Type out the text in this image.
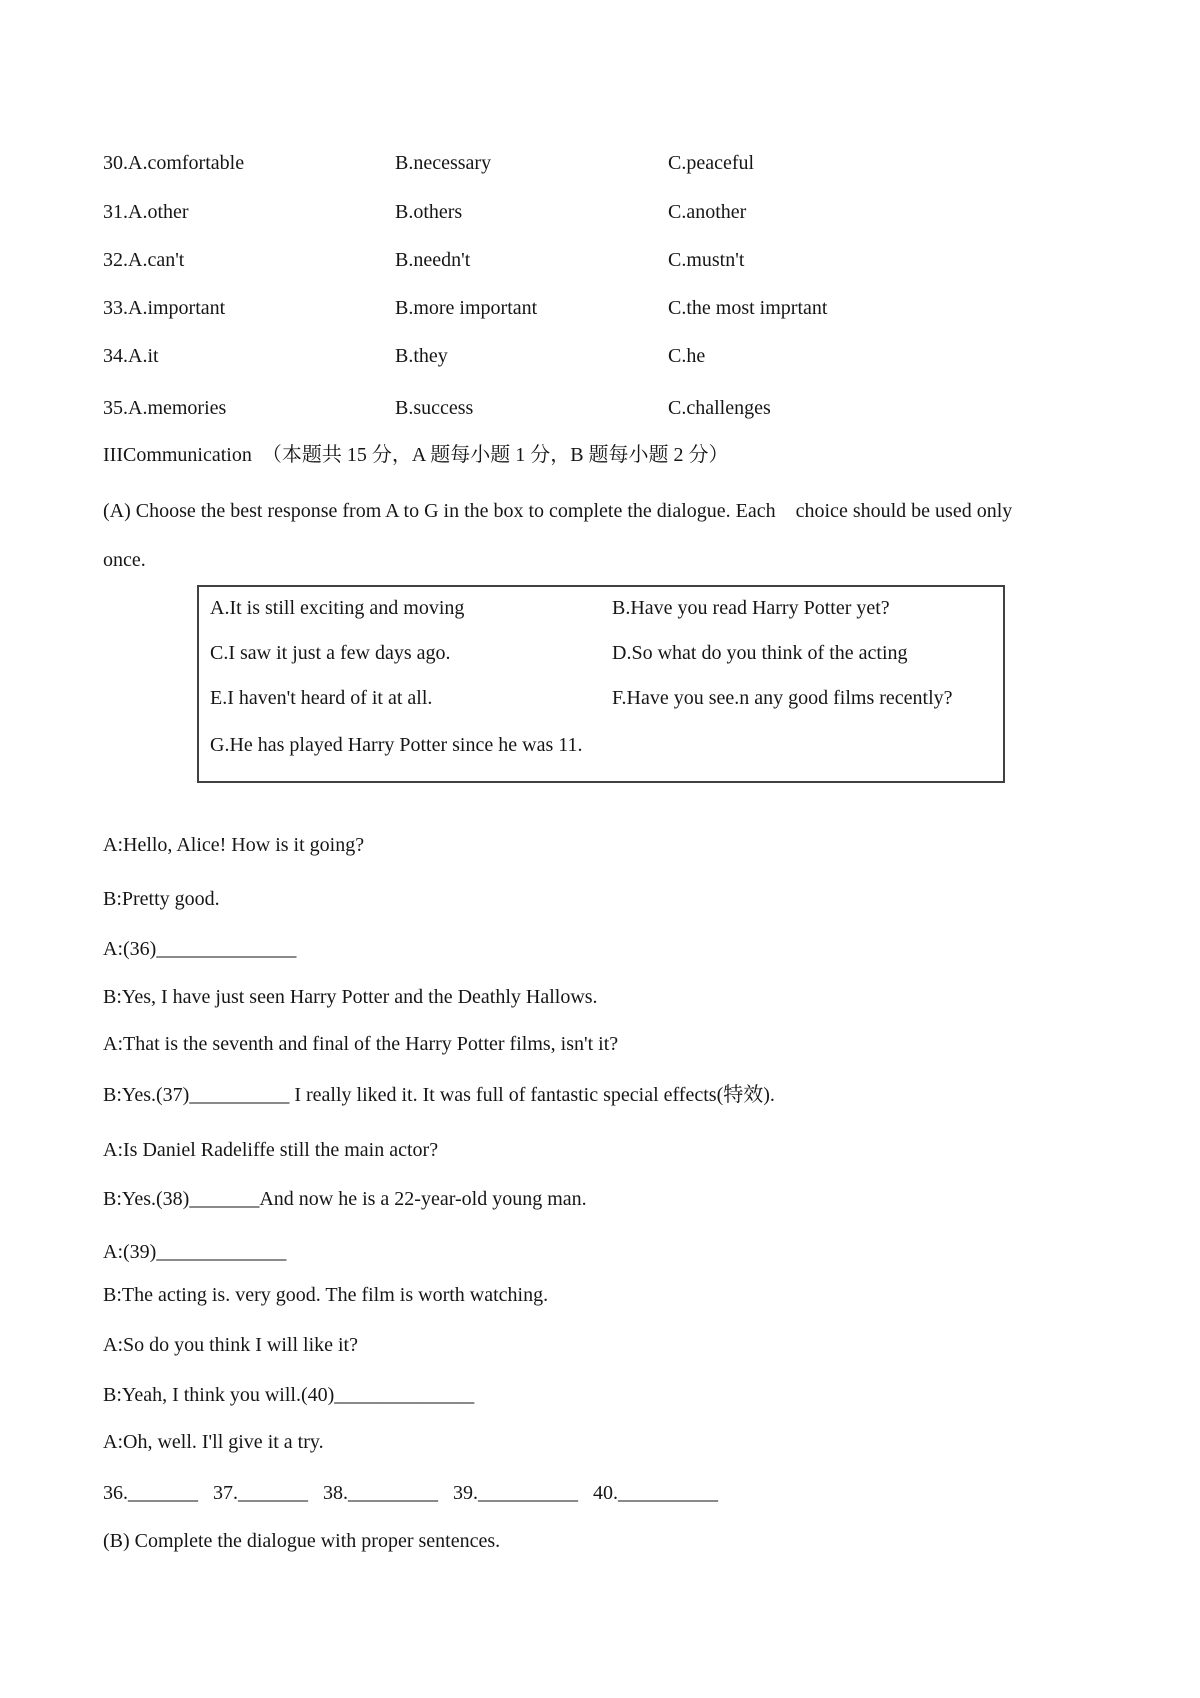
30.A.comfortable	B.necessary	C.peaceful
31.A.other	B.others	C.another
32.A.can't	B.needn't	C.mustn't
33.A.important	B.more important	C.the most imprtant
34.A.it	B.they	C.he
35.A.memories	B.success	C.challenges
IIICommunication  （本题共 15 分，A 题每小题 1 分，B 题每小题 2 分）
(A) Choose the best response from A to G in the box to complete the dialogue. Each    choice should be used only
once.
A.It is still exciting and moving	B.Have you read Harry Potter yet?
C.I saw it just a few days ago.	D.So what do you think of the acting
E.I haven't heard of it at all.	F.Have you see.n any good films recently?
G.He has played Harry Potter since he was 11.
A:Hello, Alice! How is it going?
B:Pretty good.
A:(36)______________
B:Yes, I have just seen Harry Potter and the Deathly Hallows.
A:That is the seventh and final of the Harry Potter films, isn't it?
B:Yes.(37)__________ I really liked it. It was full of fantastic special effects(特效).
A:Is Daniel Radeliffe still the main actor?
B:Yes.(38)_______And now he is a 22-year-old young man.
A:(39)_____________
B:The acting is. very good. The film is worth watching.
A:So do you think I will like it?
B:Yeah, I think you will.(40)______________
A:Oh, well. I'll give it a try.
36._______   37._______   38._________   39.__________   40.__________
(B) Complete the dialogue with proper sentences.
